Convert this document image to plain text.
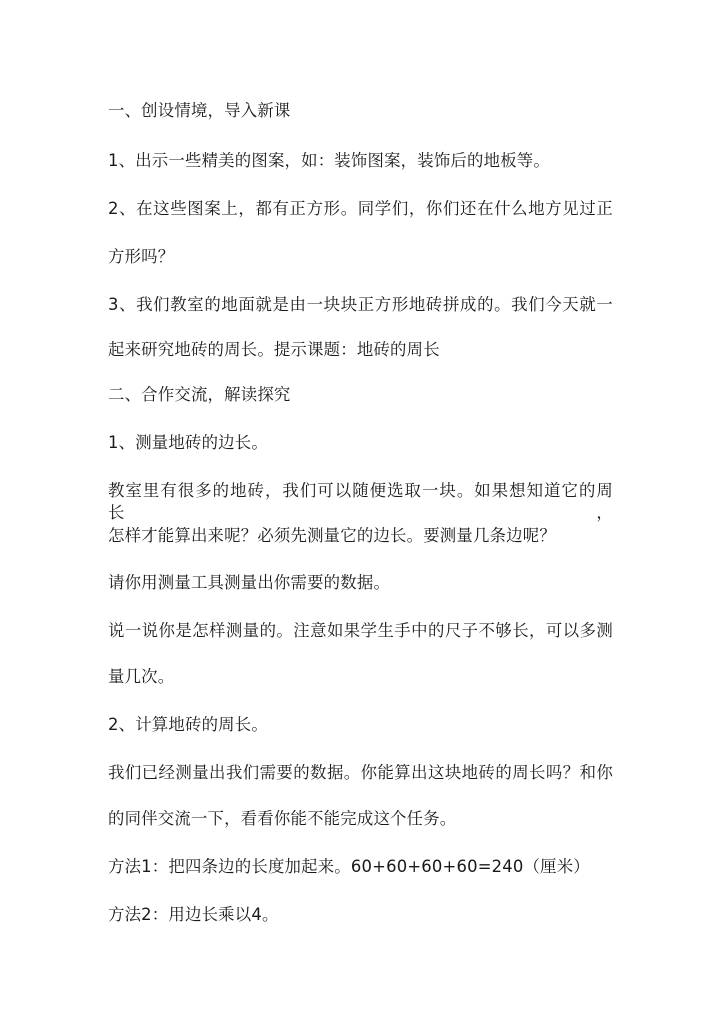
一、创设情境，导入新课
1、出示一些精美的图案，如：装饰图案，装饰后的地板等。
2、在这些图案上，都有正方形。同学们，你们还在什么地方见过正
方形吗？
3、我们教室的地面就是由一块块正方形地砖拼成的。我们今天就一
起来研究地砖的周长。提示课题：地砖的周长
二、合作交流，解读探究
1、测量地砖的边长。
教室里有很多的地砖，我们可以随便选取一块。如果想知道它的周长，
怎样才能算出来呢？必须先测量它的边长。要测量几条边呢？
请你用测量工具测量出你需要的数据。
说一说你是怎样测量的。注意如果学生手中的尺子不够长，可以多测
量几次。
2、计算地砖的周长。
我们已经测量出我们需要的数据。你能算出这块地砖的周长吗？和你
的同伴交流一下，看看你能不能完成这个任务。
方法1：把四条边的长度加起来。60+60+60+60=240（厘米）
方法2：用边长乘以4。
